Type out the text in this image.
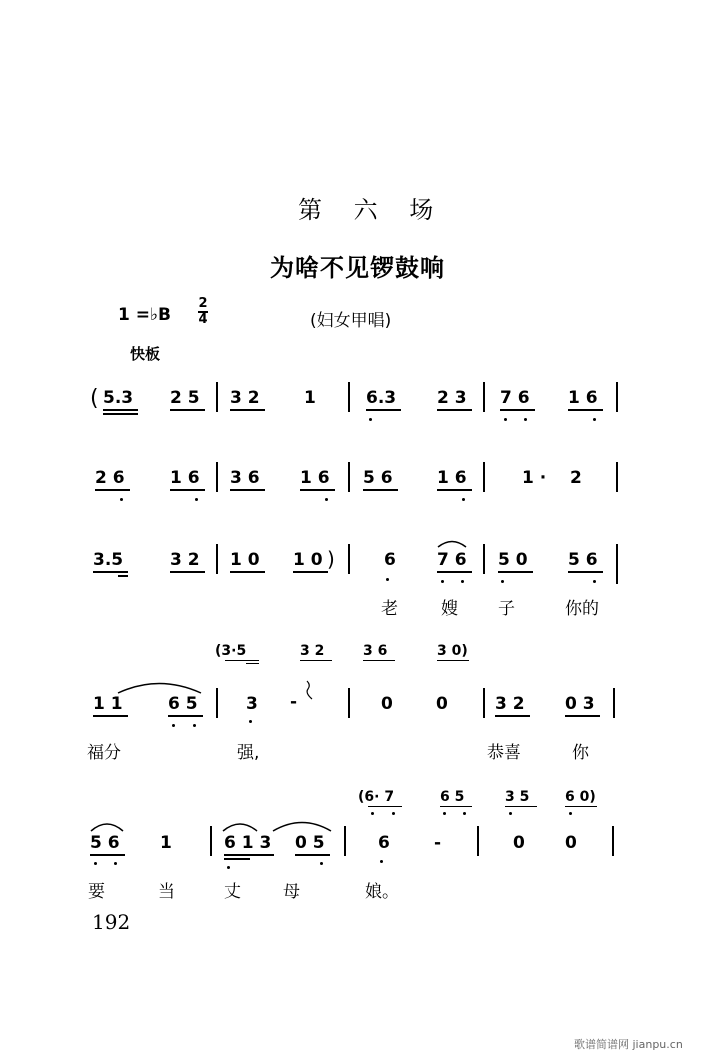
第 六 场
为啥不见锣鼓响
1 =♭B
2
4	(妇女甲唱)
快板
( 5.3 2 5 3 2	1	6.3 2 3 7 6 1 6
2 6	1 6 3 6 1 6 5 6	1 6	1 · 2
3.5	3 2 1 0 1 0 )	6 7 6 5 0 5 6
老	嫂 子	你的
(3·5	3 2	3 6	3 0)
1 1	6 5	3 -	0	0	3 2 0 3
福分	强,	恭喜	你
(6· 7	6 5	3 5	6 0)
5 6 1	6 1 3 0 5	6	-	0 0
要	当	丈 母	娘。
192
歌谱简谱网 jianpu.cn
